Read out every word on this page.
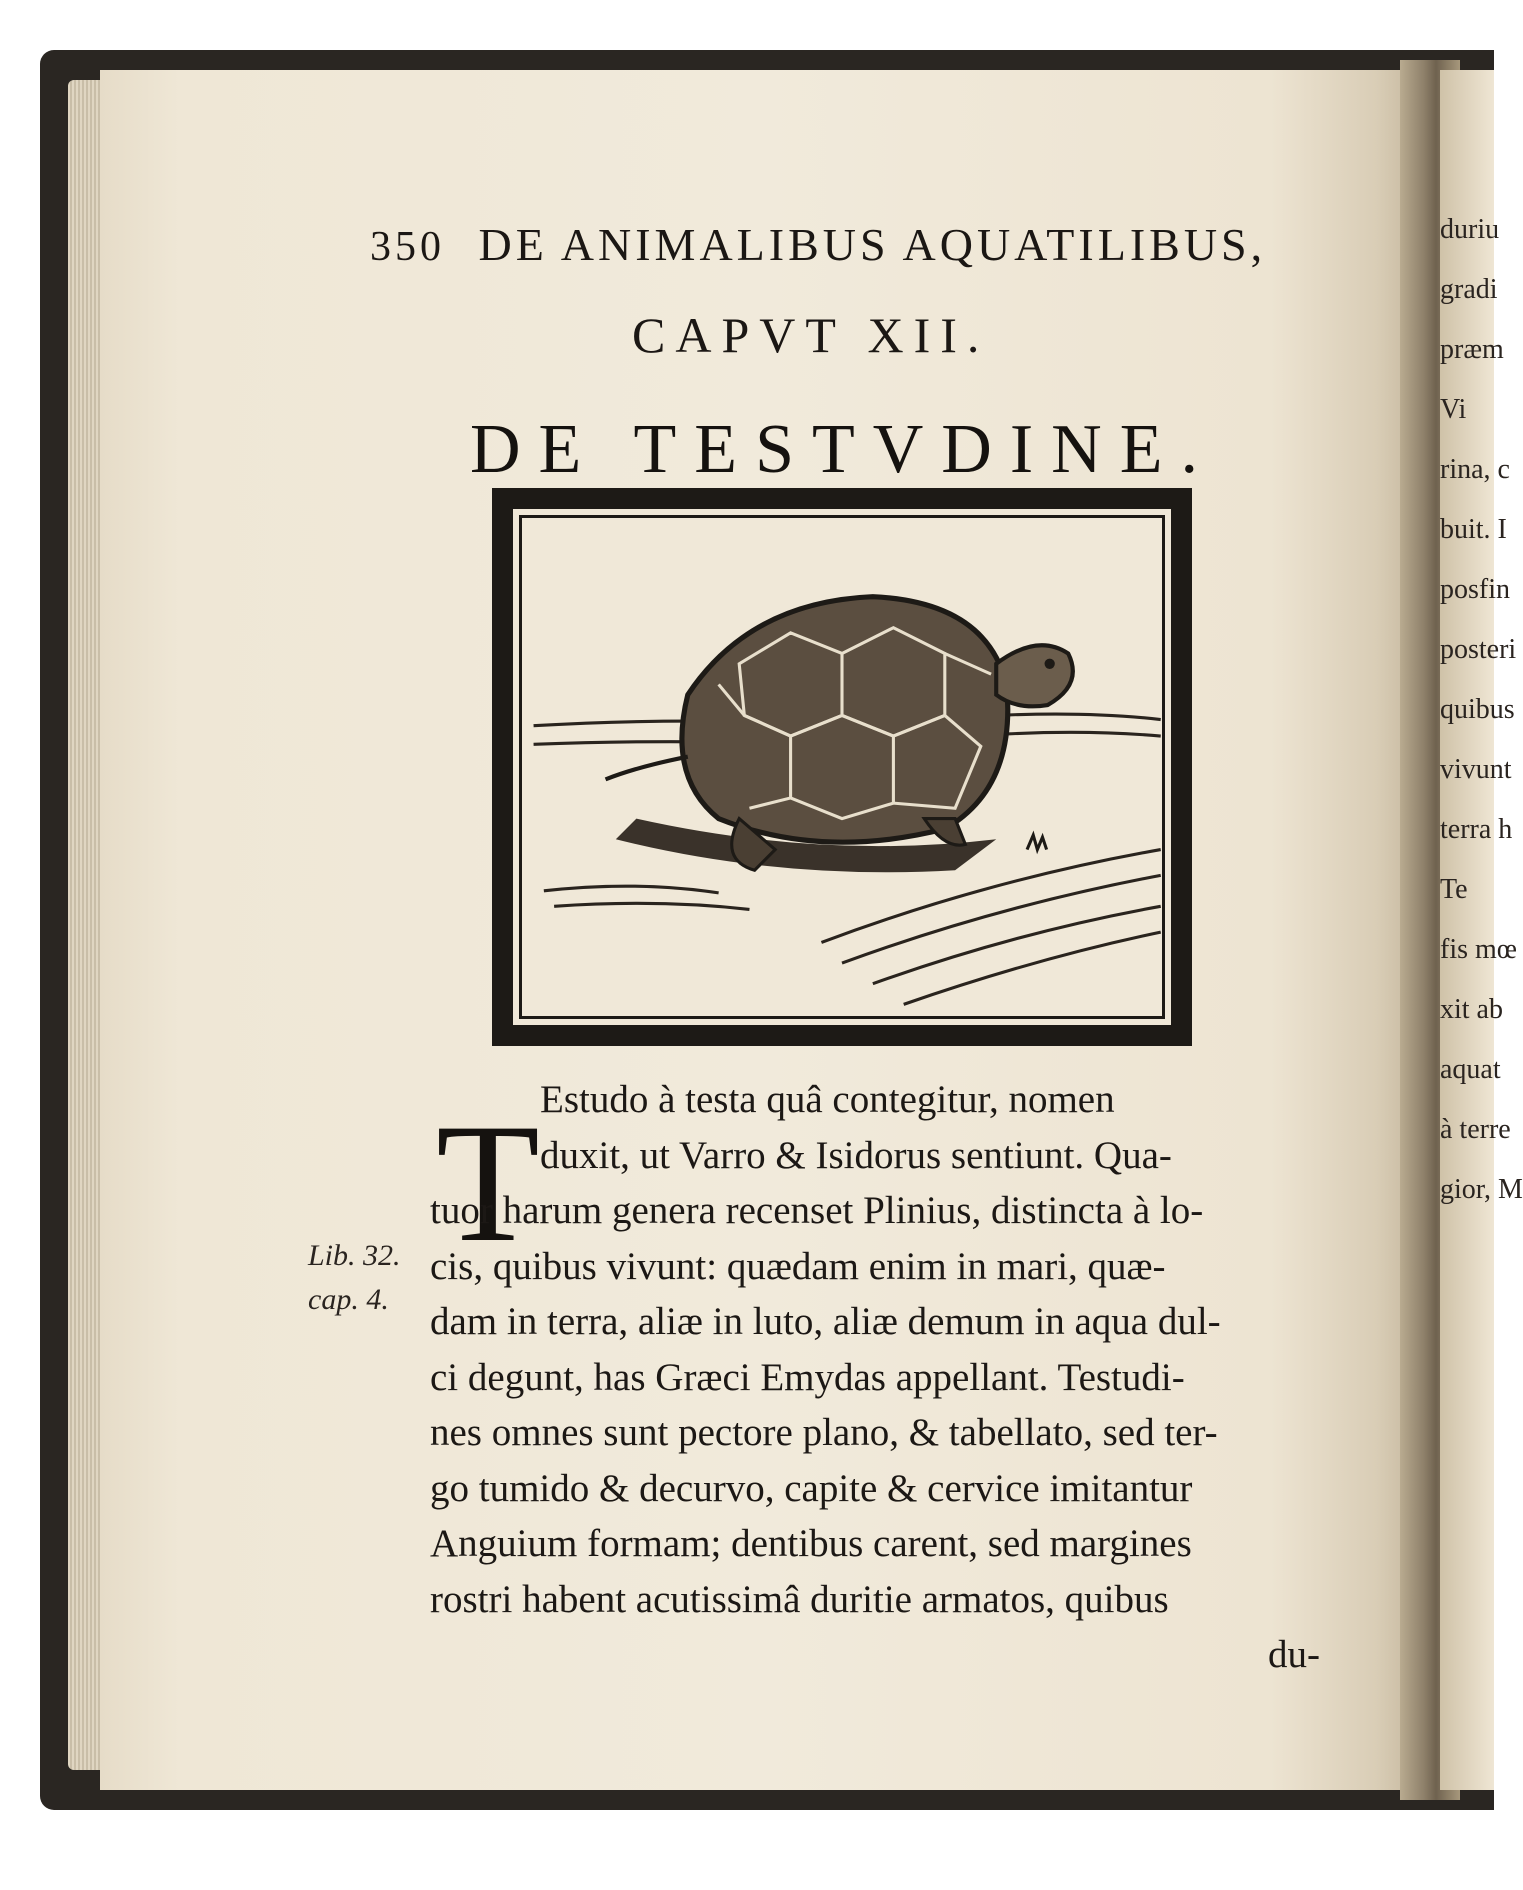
duriu
gradi
præm
Vi
rina, c
buit. I
posfin
posteri
quibus
vivunt
terra h
Te
fis mœ
xit ab
aquat
à terre
gior, M
350 DE ANIMALIBUS AQUATILIBUS,
CAPVT XII.
DE TESTVDINE.
T
Lib. 32.
cap. 4.
Estudo à testa quâ contegitur, nomen
duxit, ut Varro & Isidorus sentiunt. Qua-
tuor harum genera recenset Plinius, distincta à lo-
cis, quibus vivunt: quædam enim in mari, quæ-
dam in terra, aliæ in luto, aliæ demum in aqua dul-
ci degunt, has Græci Emydas appellant. Testudi-
nes omnes sunt pectore plano, & tabellato, sed ter-
go tumido & decurvo, capite & cervice imitantur
Anguium formam; dentibus carent, sed margines
rostri habent acutissimâ duritie armatos, quibus
du-
